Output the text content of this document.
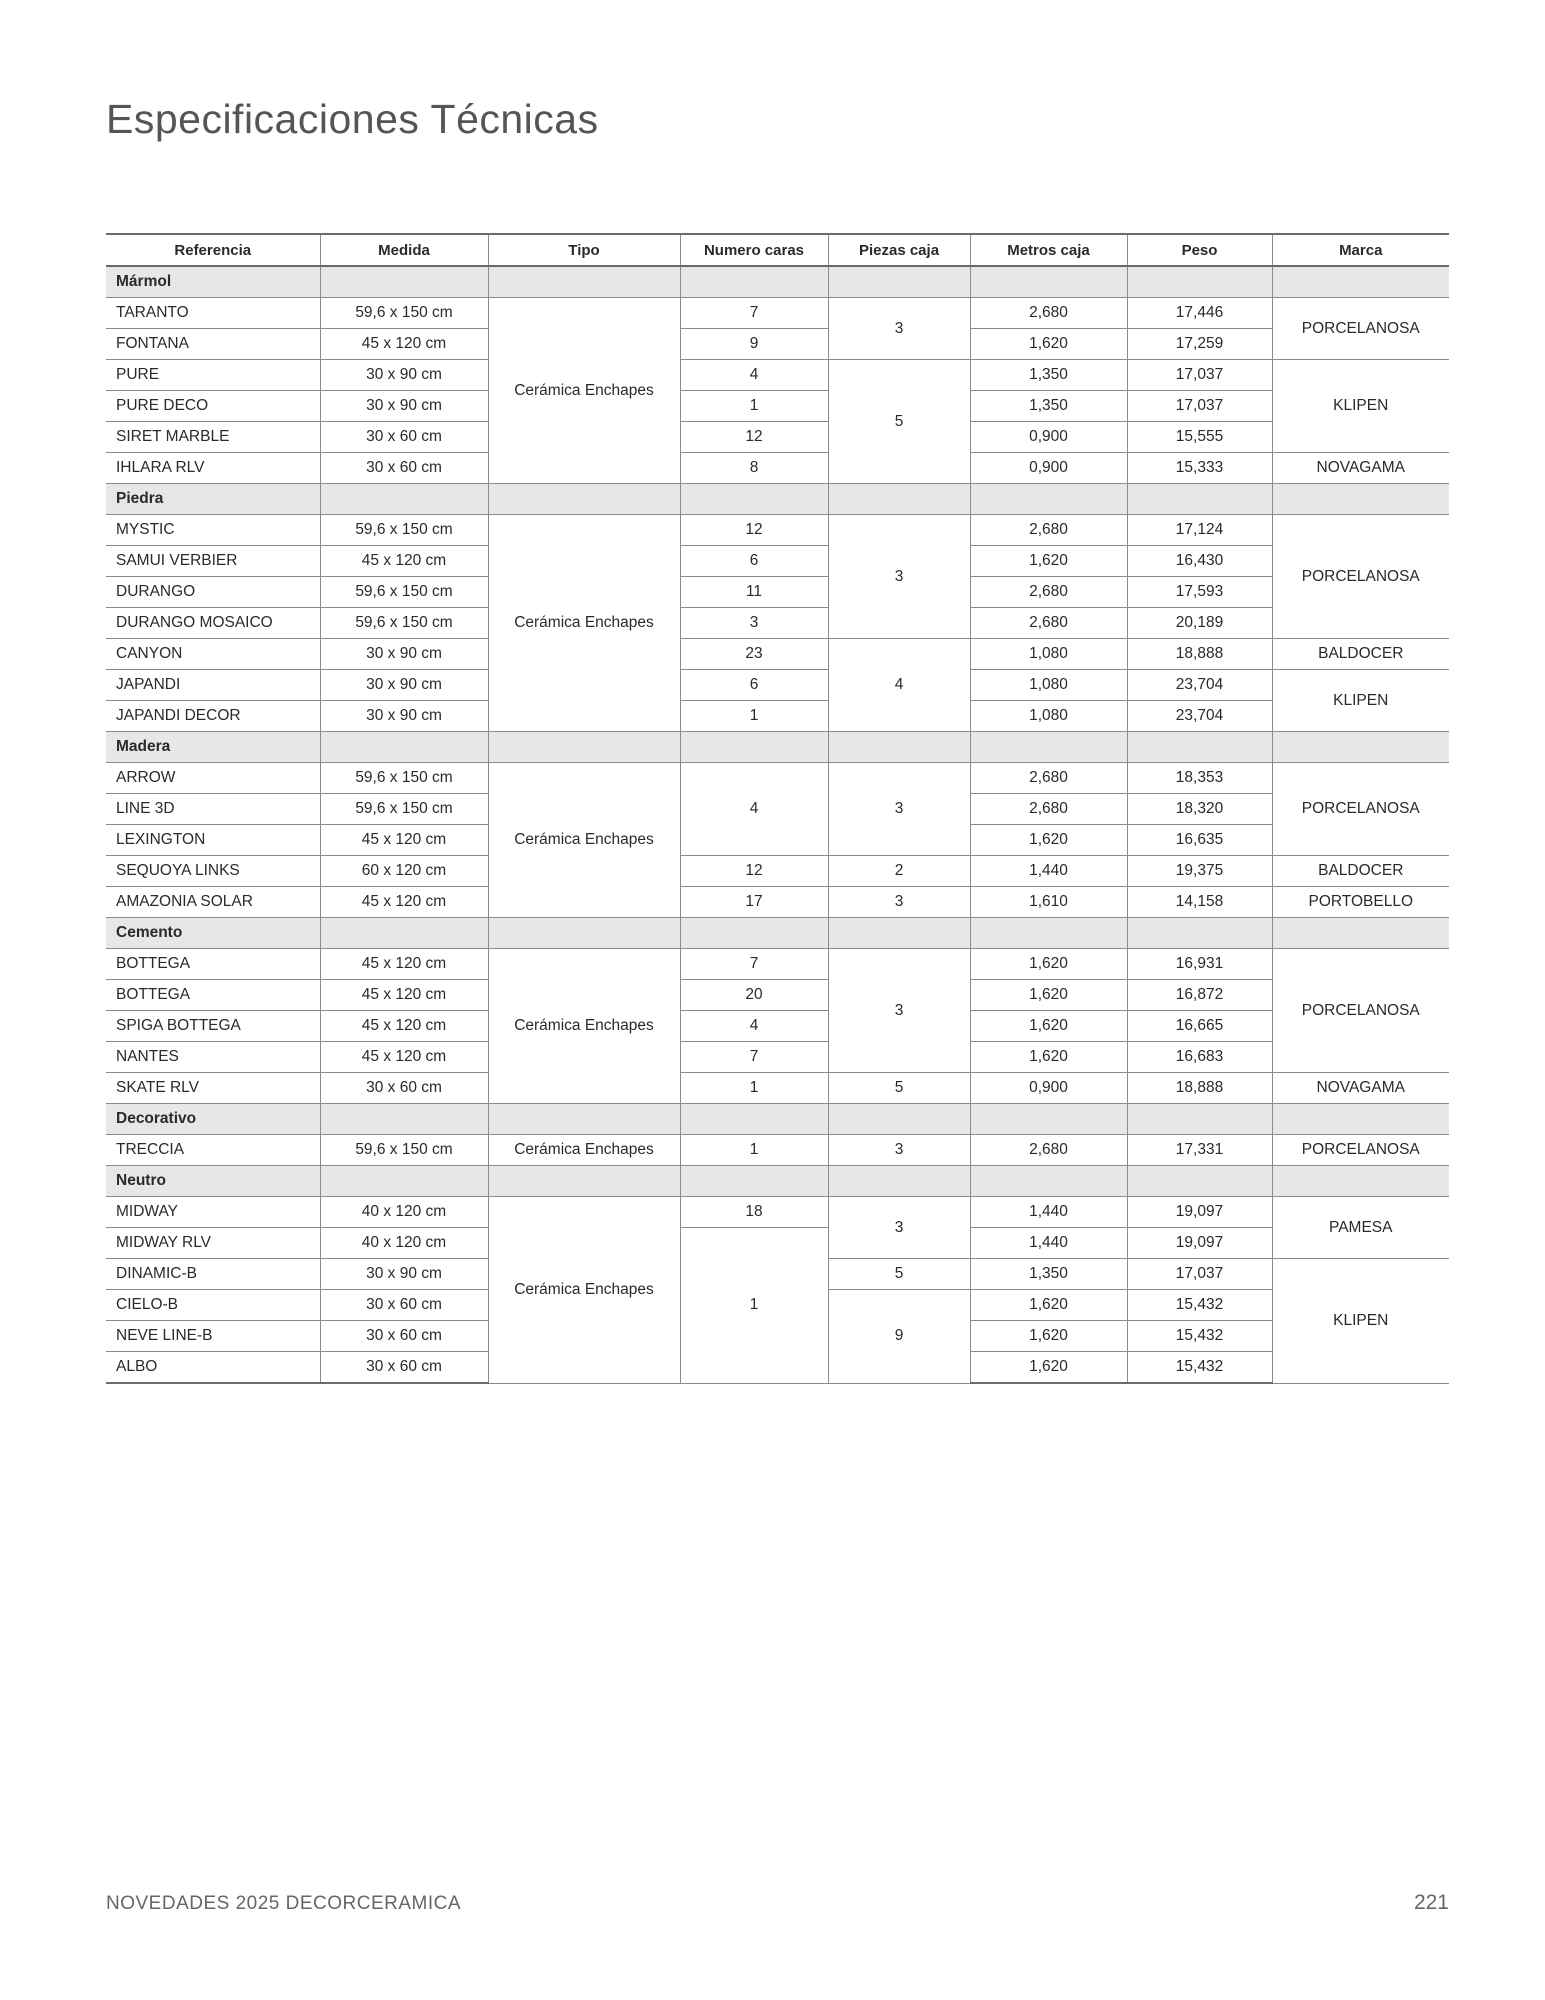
Especificaciones Técnicas
Referencia	Medida	Tipo	Numero caras	Piezas caja	Metros caja	Peso	Marca
Mármol							
TARANTO	59,6 x 150 cm	Cerámica Enchapes	7	3	2,680	17,446	PORCELANOSA
FONTANA	45 x 120 cm		9		1,620	17,259	
PURE	30 x 90 cm		4	5	1,350	17,037	KLIPEN
PURE DECO	30 x 90 cm		1		1,350	17,037	
SIRET MARBLE	30 x 60 cm		12		0,900	15,555	
IHLARA RLV	30 x 60 cm		8		0,900	15,333	NOVAGAMA
Piedra							
MYSTIC	59,6 x 150 cm	Cerámica Enchapes	12	3	2,680	17,124	PORCELANOSA
SAMUI VERBIER	45 x 120 cm		6		1,620	16,430	
DURANGO	59,6 x 150 cm		11		2,680	17,593	
DURANGO MOSAICO	59,6 x 150 cm		3		2,680	20,189	
CANYON	30 x 90 cm		23	4	1,080	18,888	BALDOCER
JAPANDI	30 x 90 cm		6		1,080	23,704	KLIPEN
JAPANDI DECOR	30 x 90 cm		1		1,080	23,704	
Madera							
ARROW	59,6 x 150 cm	Cerámica Enchapes	4	3	2,680	18,353	PORCELANOSA
LINE 3D	59,6 x 150 cm				2,680	18,320	
LEXINGTON	45 x 120 cm				1,620	16,635	
SEQUOYA LINKS	60 x 120 cm		12	2	1,440	19,375	BALDOCER
AMAZONIA SOLAR	45 x 120 cm		17	3	1,610	14,158	PORTOBELLO
Cemento							
BOTTEGA	45 x 120 cm	Cerámica Enchapes	7	3	1,620	16,931	PORCELANOSA
BOTTEGA	45 x 120 cm		20		1,620	16,872	
SPIGA BOTTEGA	45 x 120 cm		4		1,620	16,665	
NANTES	45 x 120 cm		7		1,620	16,683	
SKATE RLV	30 x 60 cm		1	5	0,900	18,888	NOVAGAMA
Decorativo							
TRECCIA	59,6 x 150 cm	Cerámica Enchapes	1	3	2,680	17,331	PORCELANOSA
Neutro							
MIDWAY	40 x 120 cm	Cerámica Enchapes	18	3	1,440	19,097	PAMESA
MIDWAY RLV	40 x 120 cm		1		1,440	19,097	
DINAMIC-B	30 x 90 cm			5	1,350	17,037	KLIPEN
CIELO-B	30 x 60 cm			9	1,620	15,432	
NEVE LINE-B	30 x 60 cm				1,620	15,432	
ALBO	30 x 60 cm				1,620	15,432	
NOVEDADES 2025 DECORCERAMICA	221
